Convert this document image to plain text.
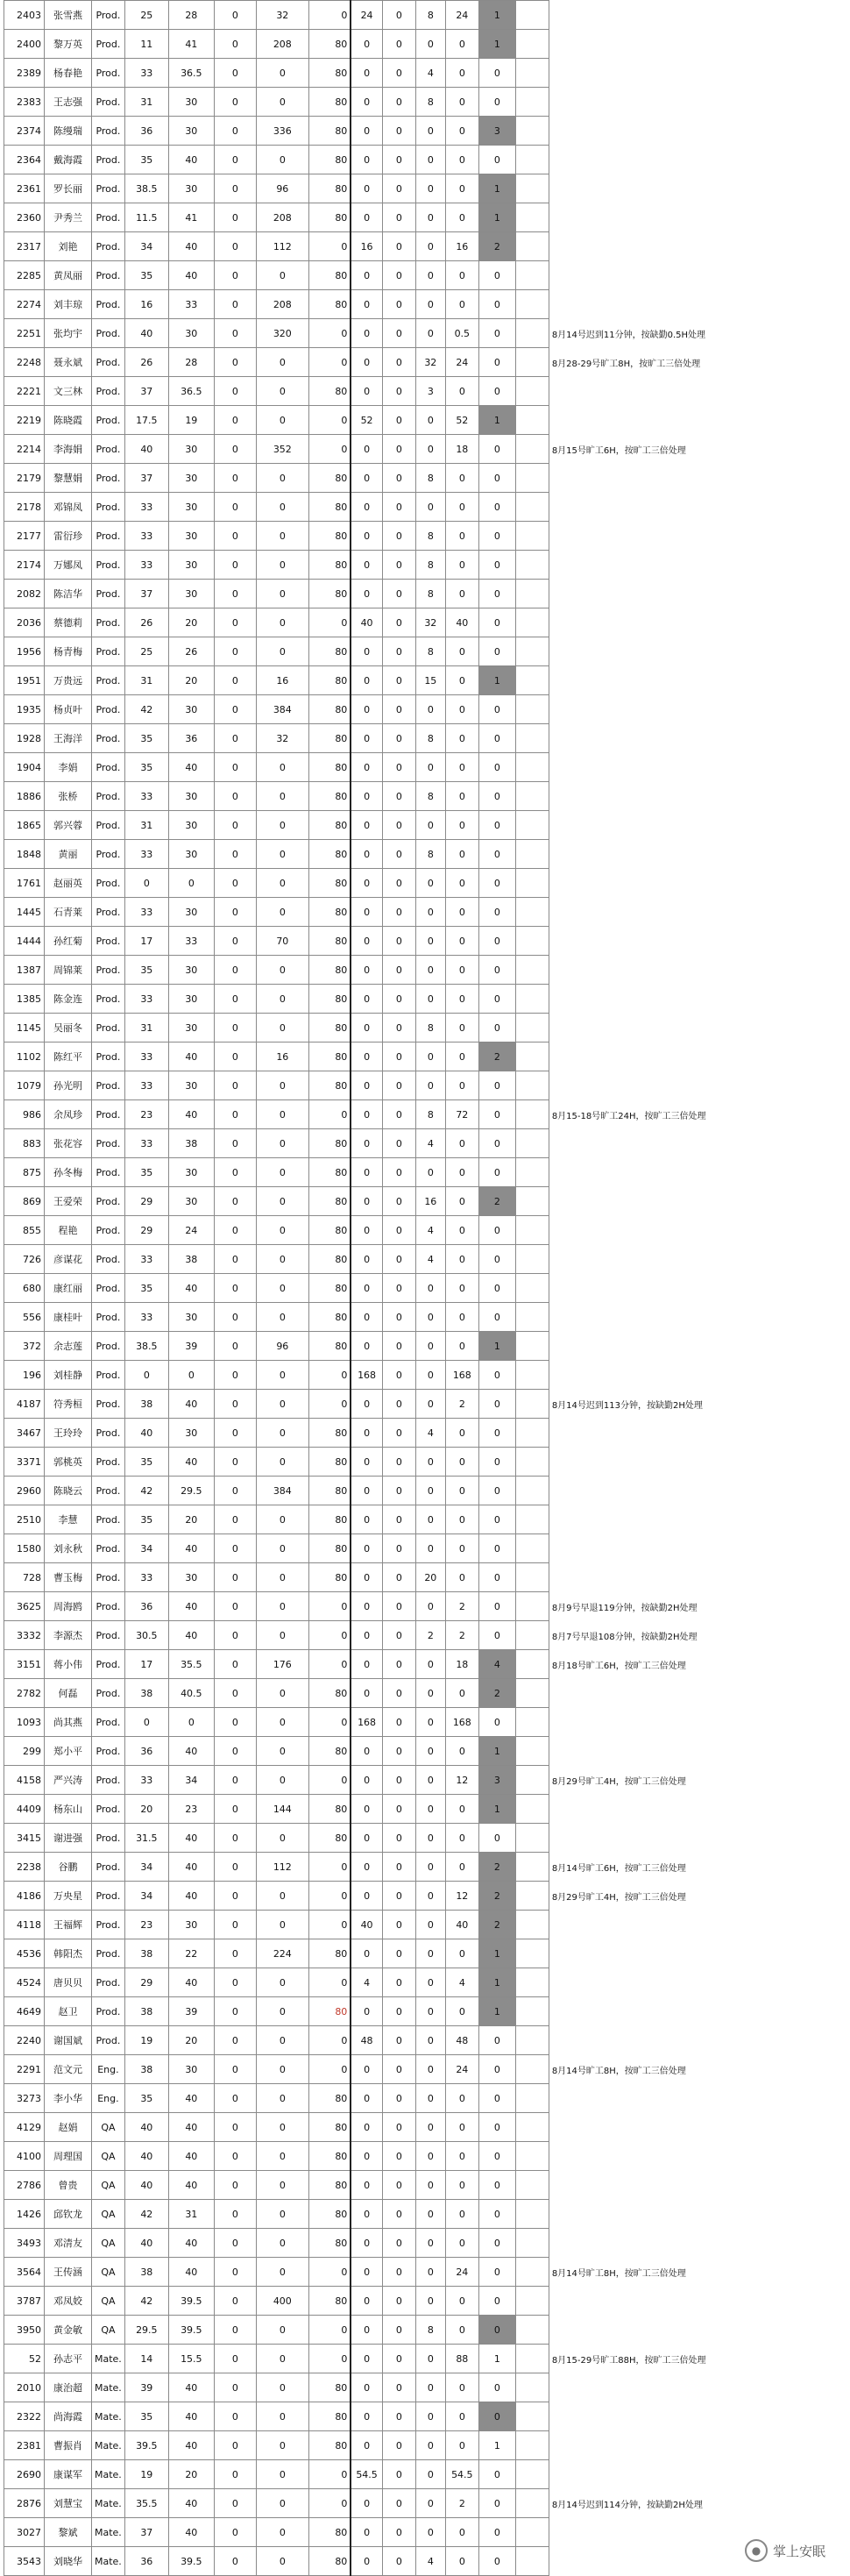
2403	张雪燕	Prod.	25	28	0	32	0	24	0	8	24	1		
2400	黎万英	Prod.	11	41	0	208	80	0	0	0	0	1		
2389	杨春艳	Prod.	33	36.5	0	0	80	0	0	4	0	0		
2383	王志强	Prod.	31	30	0	0	80	0	0	8	0	0		
2374	陈缦瑞	Prod.	36	30	0	336	80	0	0	0	0	3		
2364	戴海霞	Prod.	35	40	0	0	80	0	0	0	0	0		
2361	罗长丽	Prod.	38.5	30	0	96	80	0	0	0	0	1		
2360	尹秀兰	Prod.	11.5	41	0	208	80	0	0	0	0	1		
2317	刘艳	Prod.	34	40	0	112	0	16	0	0	16	2		
2285	黄凤丽	Prod.	35	40	0	0	80	0	0	0	0	0		
2274	刘丰琼	Prod.	16	33	0	208	80	0	0	0	0	0		
2251	张均宇	Prod.	40	30	0	320	0	0	0	0	0.5	0		8月14号迟到11分钟，按缺勤0.5H处理
2248	聂永斌	Prod.	26	28	0	0	0	0	0	32	24	0		8月28-29号旷工8H，按旷工三倍处理
2221	文三林	Prod.	37	36.5	0	0	80	0	0	3	0	0		
2219	陈晓霞	Prod.	17.5	19	0	0	0	52	0	0	52	1		
2214	李海娟	Prod.	40	30	0	352	0	0	0	0	18	0		8月15号旷工6H，按旷工三倍处理
2179	黎慧娟	Prod.	37	30	0	0	80	0	0	8	0	0		
2178	邓锦凤	Prod.	33	30	0	0	80	0	0	0	0	0		
2177	雷衍珍	Prod.	33	30	0	0	80	0	0	8	0	0		
2174	万娜凤	Prod.	33	30	0	0	80	0	0	8	0	0		
2082	陈洁华	Prod.	37	30	0	0	80	0	0	8	0	0		
2036	蔡德莉	Prod.	26	20	0	0	0	40	0	32	40	0		
1956	杨青梅	Prod.	25	26	0	0	80	0	0	8	0	0		
1951	万贵远	Prod.	31	20	0	16	80	0	0	15	0	1		
1935	杨贞叶	Prod.	42	30	0	384	80	0	0	0	0	0		
1928	王海洋	Prod.	35	36	0	32	80	0	0	8	0	0		
1904	李娟	Prod.	35	40	0	0	80	0	0	0	0	0		
1886	张桥	Prod.	33	30	0	0	80	0	0	8	0	0		
1865	郭兴蓉	Prod.	31	30	0	0	80	0	0	0	0	0		
1848	黄丽	Prod.	33	30	0	0	80	0	0	8	0	0		
1761	赵丽英	Prod.	0	0	0	0	80	0	0	0	0	0		
1445	石青莱	Prod.	33	30	0	0	80	0	0	0	0	0		
1444	孙红菊	Prod.	17	33	0	70	80	0	0	0	0	0		
1387	周锦莱	Prod.	35	30	0	0	80	0	0	0	0	0		
1385	陈金连	Prod.	33	30	0	0	80	0	0	0	0	0		
1145	吴丽冬	Prod.	31	30	0	0	80	0	0	8	0	0		
1102	陈红平	Prod.	33	40	0	16	80	0	0	0	0	2		
1079	孙光明	Prod.	33	30	0	0	80	0	0	0	0	0		
986	余凤珍	Prod.	23	40	0	0	0	0	0	8	72	0		8月15-18号旷工24H，按旷工三倍处理
883	张花容	Prod.	33	38	0	0	80	0	0	4	0	0		
875	孙冬梅	Prod.	35	30	0	0	80	0	0	0	0	0		
869	王爱荣	Prod.	29	30	0	0	80	0	0	16	0	2		
855	程艳	Prod.	29	24	0	0	80	0	0	4	0	0		
726	彦谋花	Prod.	33	38	0	0	80	0	0	4	0	0		
680	康红丽	Prod.	35	40	0	0	80	0	0	0	0	0		
556	康桂叶	Prod.	33	30	0	0	80	0	0	0	0	0		
372	余志莲	Prod.	38.5	39	0	96	80	0	0	0	0	1		
196	刘桂静	Prod.	0	0	0	0	0	168	0	0	168	0		
4187	符秀桓	Prod.	38	40	0	0	0	0	0	0	2	0		8月14号迟到113分钟，按缺勤2H处理
3467	王玲玲	Prod.	40	30	0	0	80	0	0	4	0	0		
3371	郭桃英	Prod.	35	40	0	0	80	0	0	0	0	0		
2960	陈晓云	Prod.	42	29.5	0	384	80	0	0	0	0	0		
2510	李慧	Prod.	35	20	0	0	80	0	0	0	0	0		
1580	刘永秋	Prod.	34	40	0	0	80	0	0	0	0	0		
728	曹玉梅	Prod.	33	30	0	0	80	0	0	20	0	0		
3625	周海鸥	Prod.	36	40	0	0	0	0	0	0	2	0		8月9号早退119分钟，按缺勤2H处理
3332	李源杰	Prod.	30.5	40	0	0	0	0	0	2	2	0		8月7号早退108分钟，按缺勤2H处理
3151	蒋小伟	Prod.	17	35.5	0	176	0	0	0	0	18	4		8月18号旷工6H，按旷工三倍处理
2782	何磊	Prod.	38	40.5	0	0	80	0	0	0	0	2		
1093	尚其燕	Prod.	0	0	0	0	0	168	0	0	168	0		
299	郑小平	Prod.	36	40	0	0	80	0	0	0	0	1		
4158	严兴涛	Prod.	33	34	0	0	0	0	0	0	12	3		8月29号旷工4H，按旷工三倍处理
4409	杨东山	Prod.	20	23	0	144	80	0	0	0	0	1		
3415	谢进强	Prod.	31.5	40	0	0	80	0	0	0	0	0		
2238	谷鹏	Prod.	34	40	0	112	0	0	0	0	0	2		8月14号旷工6H，按旷工三倍处理
4186	万央星	Prod.	34	40	0	0	0	0	0	0	12	2		8月29号旷工4H，按旷工三倍处理
4118	王福辉	Prod.	23	30	0	0	0	40	0	0	40	2		
4536	韩阳杰	Prod.	38	22	0	224	80	0	0	0	0	1		
4524	唐贝贝	Prod.	29	40	0	0	0	4	0	0	4	1		
4649	赵卫	Prod.	38	39	0	0	80	0	0	0	0	1		
2240	谢国斌	Prod.	19	20	0	0	0	48	0	0	48	0		
2291	范文元	Eng.	38	30	0	0	0	0	0	0	24	0		8月14号旷工8H，按旷工三倍处理
3273	李小华	Eng.	35	40	0	0	80	0	0	0	0	0		
4129	赵娟	QA	40	40	0	0	80	0	0	0	0	0		
4100	周理国	QA	40	40	0	0	80	0	0	0	0	0		
2786	曾贵	QA	40	40	0	0	80	0	0	0	0	0		
1426	邱钦龙	QA	42	31	0	0	80	0	0	0	0	0		
3493	邓清友	QA	40	40	0	0	80	0	0	0	0	0		
3564	王传涵	QA	38	40	0	0	0	0	0	0	24	0		8月14号旷工8H，按旷工三倍处理
3787	邓凤姣	QA	42	39.5	0	400	80	0	0	0	0	0		
3950	黄金敏	QA	29.5	39.5	0	0	0	0	0	8	0	0		
52	孙志平	Mate.	14	15.5	0	0	0	0	0	0	88	1		8月15-29号旷工88H，按旷工三倍处理
2010	康治超	Mate.	39	40	0	0	80	0	0	0	0	0		
2322	尚海霞	Mate.	35	40	0	0	80	0	0	0	0	0		
2381	曹振肖	Mate.	39.5	40	0	0	80	0	0	0	0	1		
2690	康谋军	Mate.	19	20	0	0	0	54.5	0	0	54.5	0		
2876	刘慧宝	Mate.	35.5	40	0	0	0	0	0	0	2	0		8月14号迟到114分钟，按缺勤2H处理
3027	黎斌	Mate.	37	40	0	0	80	0	0	0	0	0		
3543	刘晓华	Mate.	36	39.5	0	0	80	0	0	4	0	0		
● 掌上安眠
